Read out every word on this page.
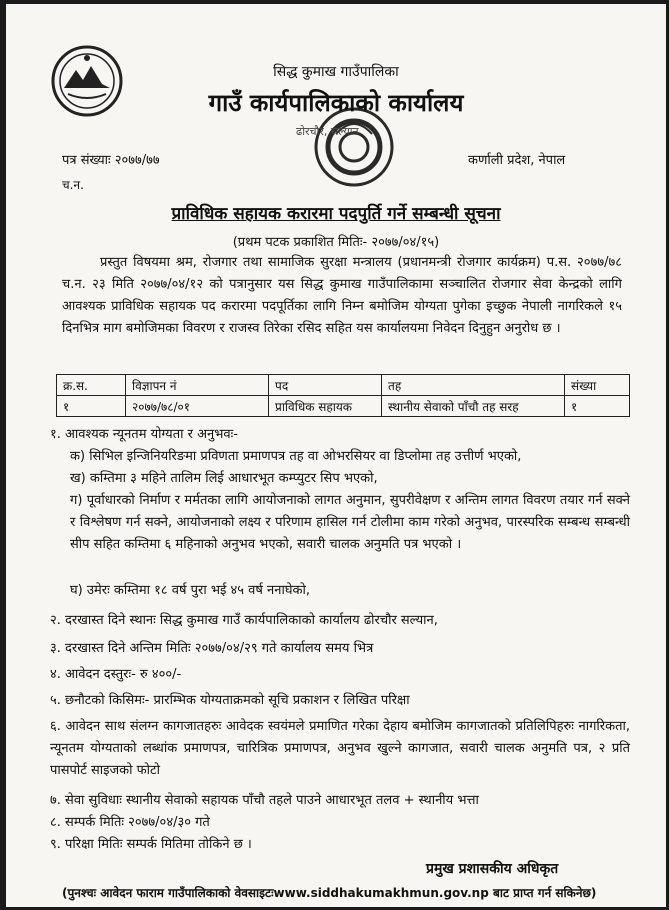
सिद्ध कुमाख गाउँपालिका
गाउँ कार्यपालिकाको कार्यालय
ढोरचौर, सल्यान
पत्र संख्याः २०७७/७७	कर्णाली प्रदेश, नेपाल
च.न.
प्राविधिक सहायक करारमा पदपुर्ति गर्ने सम्बन्धी सूचना
(प्रथम पटक प्रकाशित मितिः- २०७७/०४/१५)

प्रस्तुत विषयमा श्रम, रोजगार तथा सामाजिक सुरक्षा मन्त्रालय (प्रधानमन्त्री रोजगार कार्यक्रम) प.स. २०७७/७८ च.न. २३ मिति २०७७/०४/१२ को पत्रानुसार यस सिद्ध कुमाख गाउँपालिकामा सञ्चालित रोजगार सेवा केन्द्रको लागि आवश्यक प्राविधिक सहायक पद करारमा पदपूर्तिका लागि निम्न बमोजिम योग्यता पुगेका इच्छुक नेपाली नागरिकले १५ दिनभित्र माग बमोजिमका विवरण र राजस्व तिरेका रसिद सहित यस कार्यालयमा निवेदन दिनुहुन अनुरोध छ ।

क्र.स.	विज्ञापन नं	पद	तह	संख्या
१	२०७७/७८/०१	प्राविधिक सहायक	स्थानीय सेवाको पाँचौ तह सरह	१
१. आवश्यक न्यूनतम योग्यता र अनुभवः-
क) सिभिल इन्जिनियरिङमा प्रविणता प्रमाणपत्र तह वा ओभरसियर वा डिप्लोमा तह उत्तीर्ण भएको,
ख) कम्तिमा ३ महिने तालिम लिई आधारभूत कम्प्युटर सिप भएको,
ग) पूर्वाधारको निर्माण र मर्मतका लागि आयोजनाको लागत अनुमान, सुपरीवेक्षण र अन्तिम लागत विवरण तयार गर्न सक्ने र विश्लेषण गर्न सक्ने, आयोजनाको लक्ष्य र परिणाम हासिल गर्न टोलीमा काम गरेको अनुभव, पारस्परिक सम्बन्ध सम्बन्धी सीप सहित कम्तिमा ६ महिनाको अनुभव भएको, सवारी चालक अनुमति पत्र भएको ।
घ) उमेरः कम्तिमा १८ वर्ष पुरा भई ४५ वर्ष ननाघेको,
२. दरखास्त दिने स्थानः सिद्ध कुमाख गाउँ कार्यपालिकाको कार्यालय ढोरचौर सल्यान,
३. दरखास्त दिने अन्तिम मितिः २०७७/०४/२९ गते कार्यालय समय भित्र
४. आवेदन दस्तुरः- रु ४००/-
५. छनौटको किसिमः- प्रारम्भिक योग्यताक्रमको सूचि प्रकाशन र लिखित परिक्षा
६. आवेदन साथ संलग्न कागजातहरुः आवेदक स्वयंमले प्रमाणित गरेका देहाय बमोजिम कागजातको प्रतिलिपिहरुः नागरिकता, न्यूनतम योग्यताको लब्धांक प्रमाणपत्र, चारित्रिक प्रमाणपत्र, अनुभव खुल्ने कागजात, सवारी चालक अनुमति पत्र, २ प्रति पासपोर्ट साइजको फोटो
७. सेवा सुविधाः स्थानीय सेवाको सहायक पाँचौ तहले पाउने आधारभूत तलव + स्थानीय भत्ता
८. सम्पर्क मितिः २०७७/०४/३० गते
९. परिक्षा मितिः सम्पर्क मितिमा तोकिने छ ।
प्रमुख प्रशासकीय अधिकृत
(पुनश्चः आवेदन फाराम गाउँपालिकाको वेवसाइटःwww.siddhakumakhmun.gov.np बाट प्राप्त गर्न सकिनेछ)
